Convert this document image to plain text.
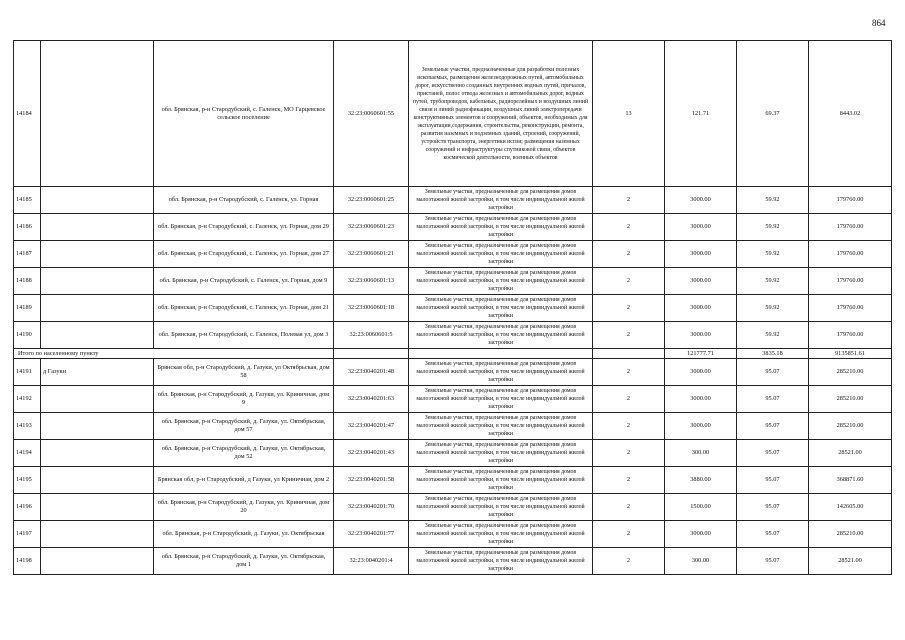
864
14184		обл. Брянская, р-н Стародубский, с. Галенск, МО Гарцевское сельское поселение	32:23:0060601:55	Земельные участки, предназначенные для разработки полезных ископаемых, размещения железнодорожных путей, автомобильных дорог, искусственно созданных внутренних водных путей, причалов, пристаней, полос отвода железных и автомобильных дорог, водных путей, трубопроводов, кабельных, радиорелейных и воздушных линий связи и линий радиофикации, воздушных линий электропередачи конструктивных элементов и сооружений, объектов, необходимых для эксплуатации,содержания, строительства, реконструкции, ремонта, развития наземных и подземных зданий, строений, сооружений, устройств транспорта, энергетики испзи; размещения наземных сооружений и инфраструктуры спутниковой связи, объектов космической деятельности, военных объектов	13	121.71	69.37	8443.02
14185		обл. Брянская, р-н Стародубский, с. Галенск, ул. Горная	32:23:0060601:25	Земельные участки, предназначенные для размещения домов малоэтажной жилой застройки, в том числе индивидуальной жилой застройки	2	3000.00	59.92	179760.00
14186		обл. Брянская, р-н Стародубский, с. Галенск, ул. Горная, дом 29	32:23:0060601:23	Земельные участки, предназначенные для размещения домов малоэтажной жилой застройки, в том числе индивидуальной жилой застройки	2	3000.00	59.92	179760.00
14187		обл. Брянская, р-н Стародубский, с. Галенск, ул. Горная, дом 27	32:23:0060601:21	Земельные участки, предназначенные для размещения домов малоэтажной жилой застройки, в том числе индивидуальной жилой застройки	2	3000.00	59.92	179760.00
14188		обл. Брянская, р-н Стародубский, с. Галенск, ул. Горная, дом 9	32:23:0060601:13	Земельные участки, предназначенные для размещения домов малоэтажной жилой застройки, в том числе индивидуальной жилой застройки	2	3000.00	59.92	179760.00
14189		обл. Брянская, р-н Стародубский, с. Галенск, ул. Горная, дом 21	32:23:0060601:18	Земельные участки, предназначенные для размещения домов малоэтажной жилой застройки, в том числе индивидуальной жилой застройки	2	3000.00	59.92	179760.00
14190		обл. Брянская, р-н Стародубский, с. Галенск, Полевая ул, дом 3	32:23:0060601:5	Земельные участки, предназначенные для размещения домов малоэтажной жилой застройки, в том числе индивидуальной жилой застройки	2	3000.00	59.92	179760.00
Итого по населенному пункту						121777.71	3835.18	9135851.61
14191	д Газукн	Брянская обл, р-н Стародубский, д. Газуки, ул Октябрьская, дом 58	32:23:0040201:48	Земельные участки, предназначенные для размещения домов малоэтажной жилой застройки, в том числе индивидуальной жилой застройки	2	3000.00	95.07	285210.00
14192		обл. Брянская, р-н Стародубский, д. Газуки, ул. Криничная, дом 9	32:23:0040201:63	Земельные участки, предназначенные для размещения домов малоэтажной жилой застройки, в том числе индивидуальной жилой застройки	2	3000.00	95.07	285210.00
14193		обл. Брянская, р-н Стародубский, д. Газуки, ул. Октябрьская, дом 57	32:23:0040201:47	Земельные участки, предназначенные для размещения домов малоэтажной жилой застройки, в том числе индивидуальной жилой застройки	2	3000.00	95.07	285210.00
14194		обл. Брянская, р-н Стародубский, д. Газуки, ул. Октябрьская, дом 52	32:23:0040201:43	Земельные участки, предназначенные для размещения домов малоэтажной жилой застройки, в том числе индивидуальной жилой застройки	2	300.00	95.07	28521.00
14195		Брянская обл, р-н Стародубский, д Газуки, ул Криничная, дом 2	32:23:0040201:58	Земельные участки, предназначенные для размещения домов малоэтажной жилой застройки, в том числе индивидуальной жилой застройки	2	3880.00	95.07	368871.60
14196		обл. Брянская, р-н Стародубский, д. Газуки, ул. Криничная, дом 20	32:23:0040201:70	Земельные участки, предназначенные для размещения домов малоэтажной жилой застройки, в том числе индивидуальной жилой застройки	2	1500.00	95.07	142605.00
14197		обл. Брянская, р-н Стародубский, д. Газуки, ул. Октябрьская	32:23:0040201:77	Земельные участки, предназначенные для размещения домов малоэтажной жилой застройки, в том числе индивидуальной жилой застройки	2	3000.00	95.07	285210.00
14198		обл. Брянская, р-н Стародубский, д. Газуки, ул. Октябрьская, дом 1	32:23:0040201:4	Земельные участки, предназначенные для размещения домов малоэтажной жилой застройки, в том числе индивидуальной жилой застройки	2	300.00	95.07	28521.00
